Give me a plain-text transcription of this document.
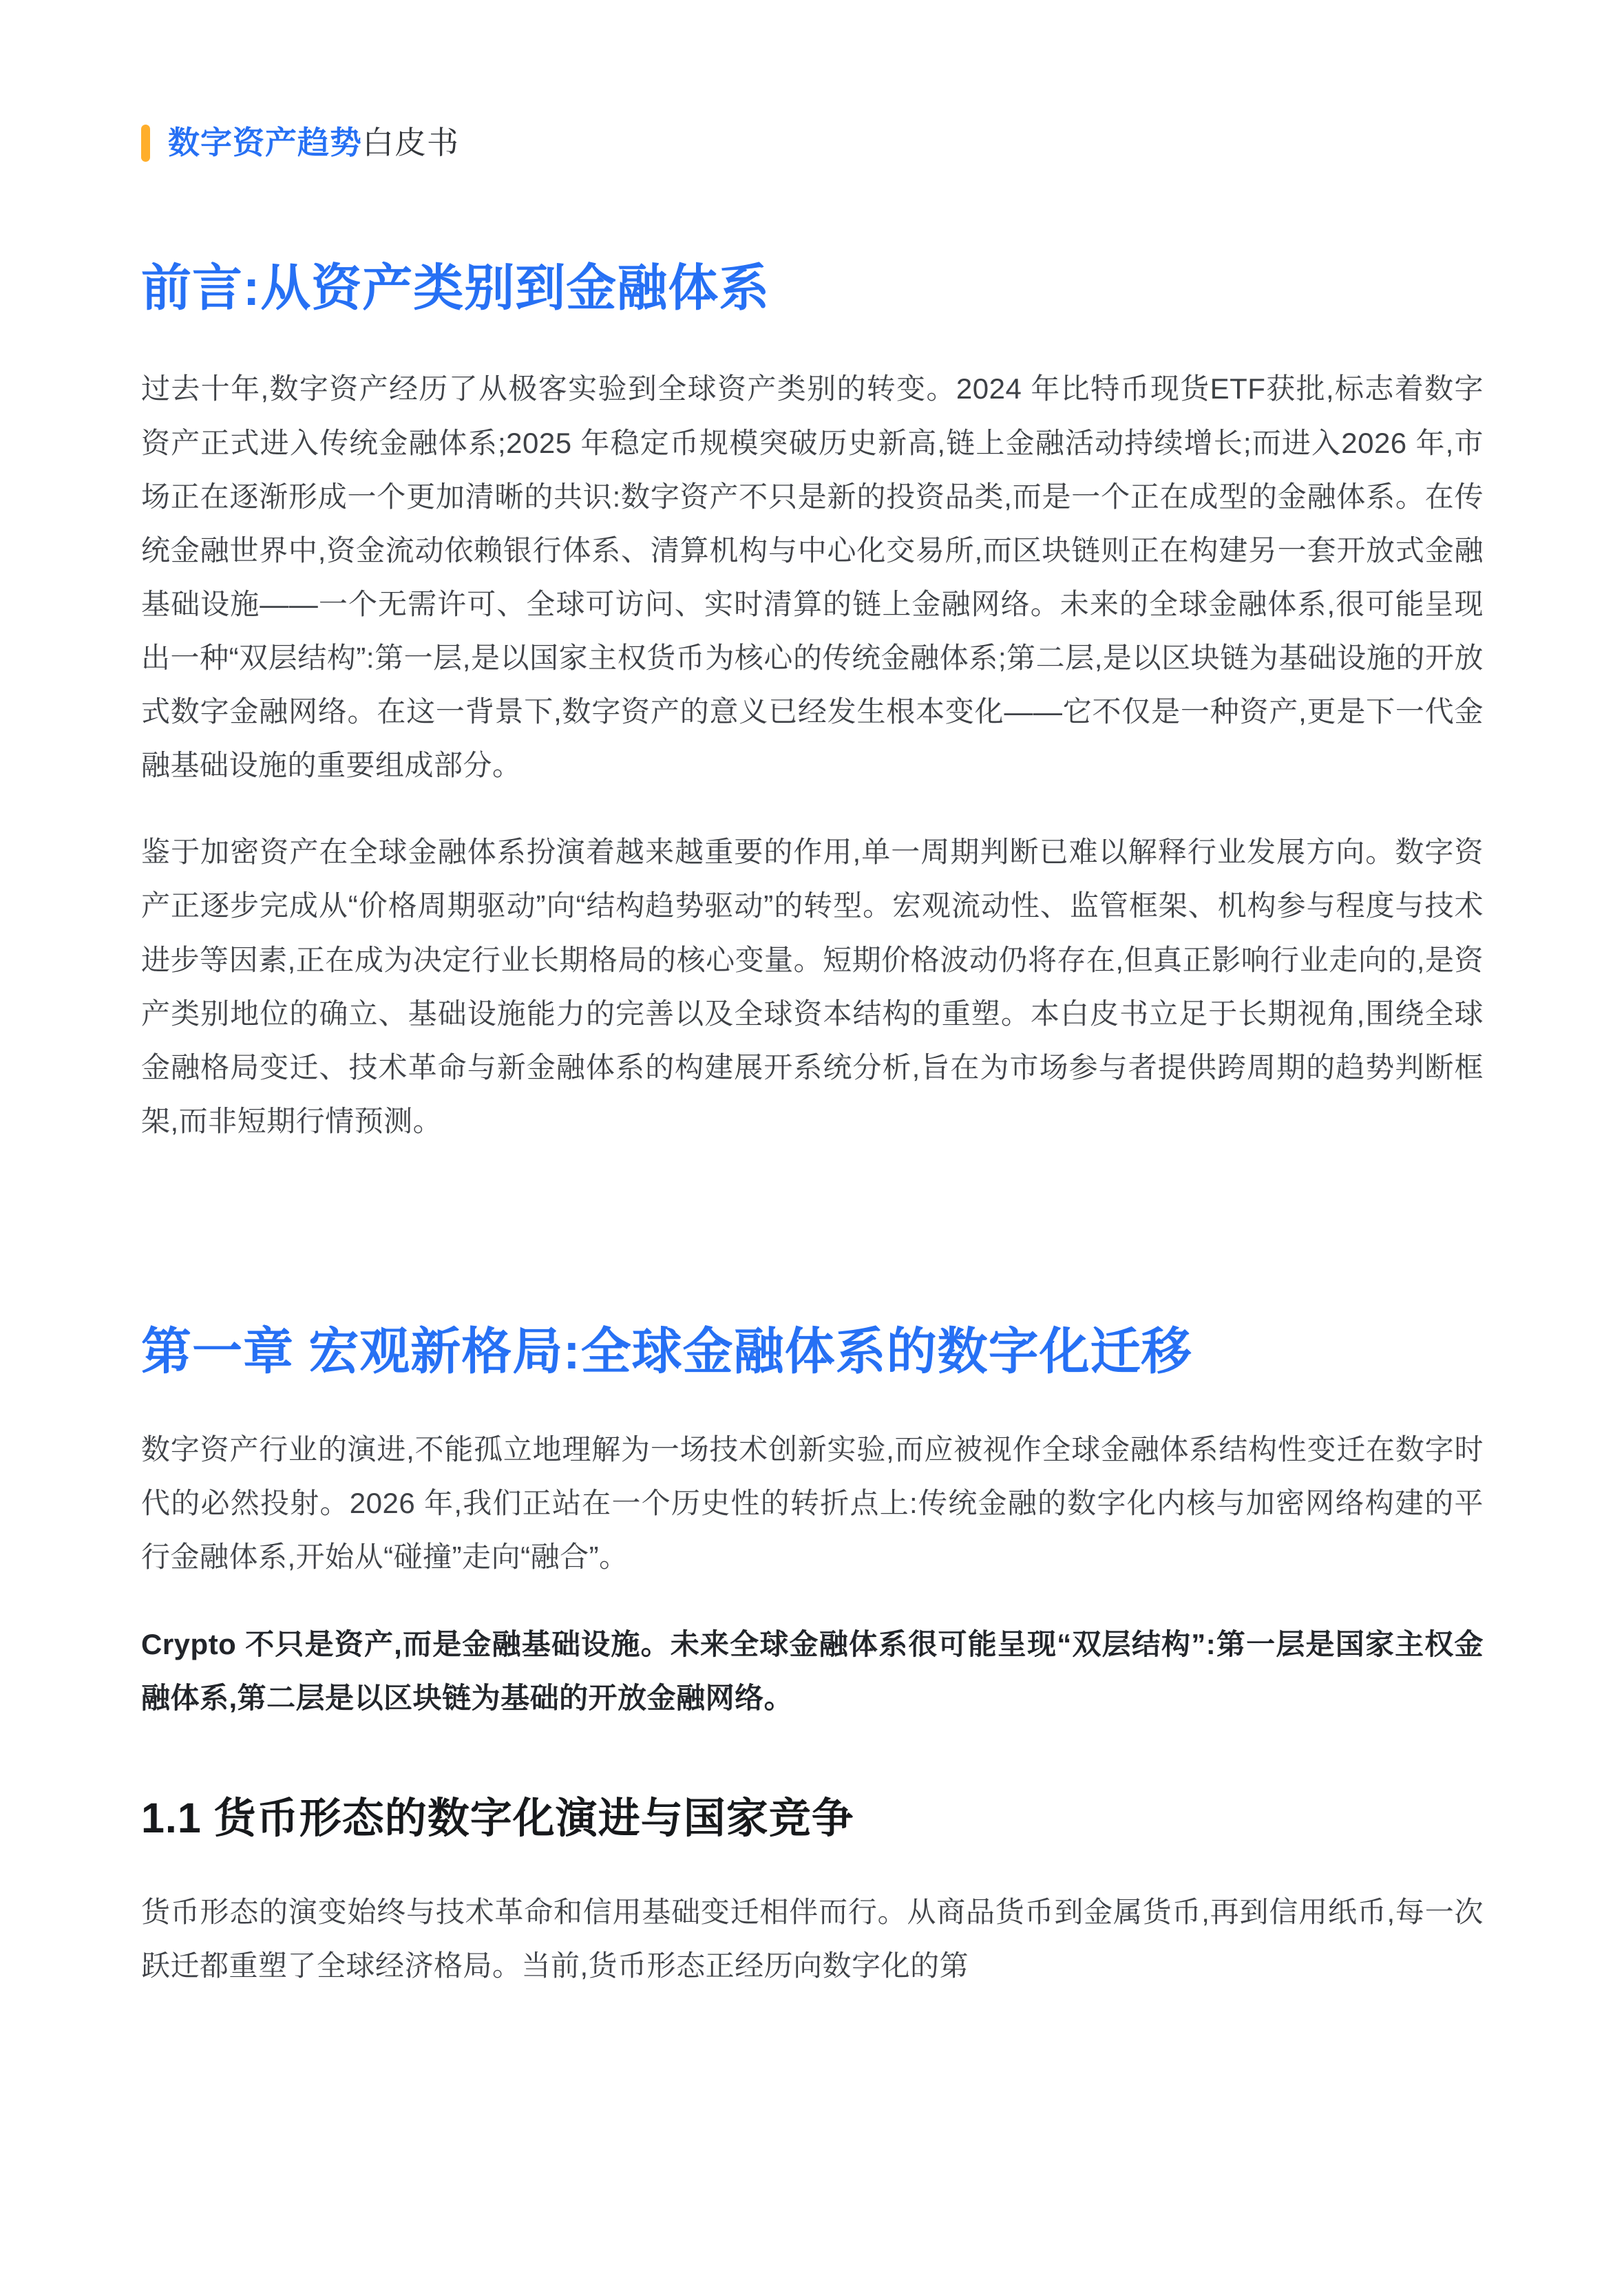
数字资产趋势 白皮书
前言:从资产类别到金融体系

过去十年,数字资产经历了从极客实验到全球资产类别的转变。2024 年比特币现货ETF获批,标志着数字资产正式进入传统金融体系;2025 年稳定币规模突破历史新高,链上金融活动持续增长;而进入2026 年,市场正在逐渐形成一个更加清晰的共识:数字资产不只是新的投资品类,而是一个正在成型的金融体系。在传统金融世界中,资金流动依赖银行体系、清算机构与中心化交易所,而区块链则正在构建另一套开放式金融基础设施——一个无需许可、全球可访问、实时清算的链上金融网络。未来的全球金融体系,很可能呈现出一种“双层结构”:第一层,是以国家主权货币为核心的传统金融体系;第二层,是以区块链为基础设施的开放式数字金融网络。在这一背景下,数字资产的意义已经发生根本变化——它不仅是一种资产,更是下一代金融基础设施的重要组成部分。

鉴于加密资产在全球金融体系扮演着越来越重要的作用,单一周期判断已难以解释行业发展方向。数字资产正逐步完成从“价格周期驱动”向“结构趋势驱动”的转型。宏观流动性、监管框架、机构参与程度与技术进步等因素,正在成为决定行业长期格局的核心变量。短期价格波动仍将存在,但真正影响行业走向的,是资产类别地位的确立、基础设施能力的完善以及全球资本结构的重塑。本白皮书立足于长期视角,围绕全球金融格局变迁、技术革命与新金融体系的构建展开系统分析,旨在为市场参与者提供跨周期的趋势判断框架,而非短期行情预测。

第一章 宏观新格局:全球金融体系的数字化迁移

数字资产行业的演进,不能孤立地理解为一场技术创新实验,而应被视作全球金融体系结构性变迁在数字时代的必然投射。2026 年,我们正站在一个历史性的转折点上:传统金融的数字化内核与加密网络构建的平行金融体系,开始从“碰撞”走向“融合”。

Crypto 不只是资产,而是金融基础设施。未来全球金融体系很可能呈现“双层结构”:第一层是国家主权金融体系,第二层是以区块链为基础的开放金融网络。

1.1 货币形态的数字化演进与国家竞争

货币形态的演变始终与技术革命和信用基础变迁相伴而行。从商品货币到金属货币,再到信用纸币,每一次跃迁都重塑了全球经济格局。当前,货币形态正经历向数字化的第
